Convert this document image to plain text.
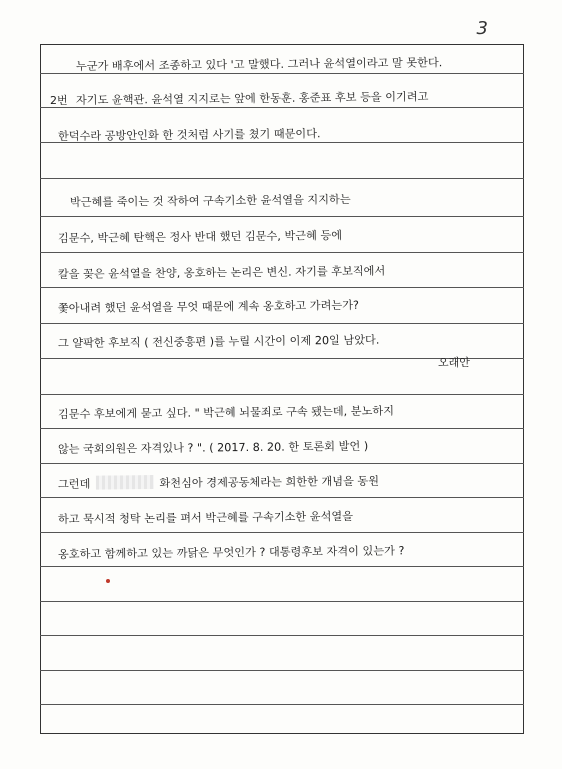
3
누군가 배후에서 조종하고 있다 '고 말했다. 그러나 윤석열이라고 말 못한다.
2번 자기도 윤핵관. 윤석열 지지로는 앞에 한동훈. 홍준표 후보 등을 이기려고
한덕수라 공방안인화 한 것처럼 사기를 쳤기 때문이다.
박근혜를 죽이는 것 작하여 구속기소한 윤석열을 지지하는
김문수, 박근혜 탄핵은 정사 반대 했던 김문수, 박근혜 등에
칼을 꽂은 윤석열을 찬양, 옹호하는 논리은 변신. 자기를 후보직에서
쫓아내려 했던 윤석열을 무엇 때문에 계속 옹호하고 가려는가?
그 얄팍한 후보직 ( 전신중흥편 )를 누릴 시간이 이제 20일 남았다.
오래안
김문수 후보에게 묻고 싶다. " 박근혜 뇌물죄로 구속 됐는데, 분노하지
않는 국회의원은 자격있나 ? ". ( 2017. 8. 20. 한 토론회 발언 )
그런데	화천심아 경제공동체라는 희한한 개념을 동원
하고 묵시적 청탁 논리를 펴서 박근혜를 구속기소한 윤석열을
옹호하고 함께하고 있는 까닭은 무엇인가 ? 대통령후보 자격이 있는가 ?
